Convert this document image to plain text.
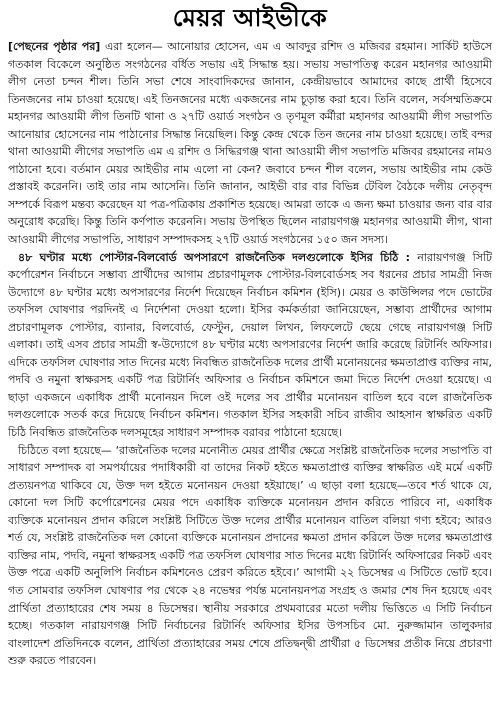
মেয়র আইভীকে

[পেছনের পৃষ্ঠার পর] এরা হলেন— আনোয়ার হোসেন, এম এ আবদুর রশিদ ও মজিবর রহমান। সার্কিট হাউসে গতকাল বিকেলে অনুষ্ঠিত সংগঠনের বর্ধিত সভায় এই সিদ্ধান্ত হয়। সভায় সভাপতিত্ব করেন মহানগর আওয়ামী লীগ নেতা চন্দন শীল। তিনি সভা শেষে সাংবাদিকদের জানান, কেন্দ্রীয়ভাবে আমাদের কাছে প্রার্থী হিসেবে তিনজনের নাম চাওয়া হয়েছে। এই তিনজনের মধ্যে একজনের নাম চূড়ান্ত করা হবে। তিনি বলেন, সর্বসম্মতিক্রমে মহানগর আওয়ামী লীগ তিনটি থানা ও ২৭টি ওয়ার্ড সংগঠন ও তৃণমূল কর্মীরা মহানগর আওয়ামী লীগ সভাপতি আনোয়ার হোসেনের নাম পাঠানোর সিদ্ধান্ত নিয়েছিল। কিন্তু কেন্দ্র থেকে তিন জনের নাম চাওয়া হয়েছে। তাই বন্দর থানা আওয়ামী লীগের সভাপতি এম এ রশিদ ও সিদ্ধিরগঞ্জ থানা আওয়ামী লীগ সভাপতি মজিবর রহমানের নামও পাঠানো হবে। বর্তমান মেয়র আইভীর নাম এলো না কেন? জবাবে চন্দন শীল বলেন, সভায় আইভীর নাম কেউ প্রস্তাবই করেননি। তাই তার নাম আসেনি। তিনি জানান, আইভী বার বার বিভিন্ন টেবিল বৈঠকে দলীয় নেতৃবৃন্দ সম্পর্কে বিরূপ মন্তব্য করেছেন যা পত্র-পত্রিকায় প্রকাশিত হয়েছে। আমরা তাকে এ জন্য ক্ষমা চাওয়ার জন্য বার বার অনুরোধ করেছি। কিন্তু তিনি কর্ণপাত করেননি। সভায় উপস্থিত ছিলেন নারায়ণগঞ্জ মহানগর আওয়ামী লীগ, থানা আওয়ামী লীগের সভাপতি, সাধারণ সম্পাদকসহ ২৭টি ওয়ার্ড সংগঠনের ১৫০ জন সদস্য।

৪৮ ঘণ্টার মধ্যে পোস্টার-বিলবোর্ড অপসারণে রাজনৈতিক দলগুলোকে ইসির চিঠি : নারায়ণগঞ্জ সিটি কর্পোরেশন নির্বাচনে সম্ভাব্য প্রার্থীদের আগাম প্রচারণামূলক পোস্টার-বিলবোর্ডসহ সব ধরনের প্রচার সামগ্রী নিজ উদ্যোগে ৪৮ ঘণ্টার মধ্যে অপসারণের নির্দেশ দিয়েছেন নির্বাচন কমিশন (ইসি)। মেয়র ও কাউন্সিলর পদে ভোটের তফসিল ঘোষণার পরদিনই এ নির্দেশনা দেওয়া হলো। ইসির কর্মকর্তারা জানিয়েছেন, সম্ভাব্য প্রার্থীদের আগাম প্রচারণামূলক পোস্টার, ব্যানার, বিলবোর্ড, ফেস্টুন, দেয়াল লিখন, লিফলেটে ছেয়ে গেছে নারায়ণগঞ্জ সিটি এলাকা। তাই এসব প্রচার সামগ্রী স্ব-উদ্যোগে ৪৮ ঘণ্টার মধ্যে অপসারণের নির্দেশ জারি করেছে রিটার্নিং অফিসার। এদিকে তফসিল ঘোষণার সাত দিনের মধ্যে নিবন্ধিত রাজনৈতিক দলের প্রার্থী মনোনয়নের ক্ষমতাপ্রাপ্ত ব্যক্তির নাম, পদবি ও নমুনা স্বাক্ষরসহ একটি পত্র রিটার্নিং অফিসার ও নির্বাচন কমিশনে জমা দিতে নির্দেশ দেওয়া হয়েছে। এ ছাড়া একজনে একাধিক প্রার্থী মনোনয়ন দিলে ওই দলের সব প্রার্থীর মনোনয়ন বাতিল হবে বলে রাজনৈতিক দলগুলোকে সতর্ক করে দিয়েছে নির্বাচন কমিশন। গতকাল ইসির সহকারী সচিব রাজীব আহসান স্বাক্ষরিত একটি চিঠি নিবন্ধিত রাজনৈতিক দলসমূহের সাধারণ সম্পাদক বরাবর পাঠানো হয়েছে।

চিঠিতে বলা হয়েছে— ‘রাজনৈতিক দলের মনোনীত মেয়র প্রার্থীর ক্ষেত্রে সংশ্লিষ্ট রাজনৈতিক দলের সভাপতি বা সাধারণ সম্পাদক বা সমপর্যায়ের পদাধিকারী বা তাদের নিকট হইতে ক্ষমতাপ্রাপ্ত ব্যক্তির স্বাক্ষরিত এই মর্মে একটি প্রত্যয়নপত্র থাকিবে যে, উক্ত দল হইতে মনোনয়ন দেওয়া হইয়াছে।’ এ ছাড়া বলা হয়েছে—তবে শর্ত থাকে যে, কোনো দল সিটি কর্পোরেশনের মেয়র পদে একাধিক ব্যক্তিকে মনোনয়ন প্রদান করিতে পারিবে না, একাধিক ব্যক্তিকে মনোনয়ন প্রদান করিলে সংশ্লিষ্ট সিটিতে উক্ত দলের প্রার্থীর মনোনয়ন বাতিল বলিয়া গণ্য হইবে; আরও শর্ত যে, সংশ্লিষ্ট রাজনৈতিক দল কোনো ব্যক্তিকে মনোনয়ন প্রদানের ক্ষমতা প্রদান করিলে উক্ত দলের ক্ষমতাপ্রাপ্ত ব্যক্তির নাম, পদবি, নমুনা স্বাক্ষরসহ একটি পত্র তফসিল ঘোষণার সাত দিনের মধ্যে রিটার্নিং অফিসারের নিকট এবং উক্ত পত্রে একটি অনুলিপি নির্বাচন কমিশনেও প্রেরণ করিতে হইবে।’ আগামী ২২ ডিসেম্বর এ সিটিতে ভোট হবে। গত সোমবার তফসিল ঘোষণার পর থেকে ২৪ নভেম্বর পর্যন্ত মনোনয়নপত্র সংগ্রহ ও জমার শেষ দিন হয়েছে এবং প্রার্থিতা প্রত্যাহারের শেষ সময় ৪ ডিসেম্বর। স্থানীয় সরকারে প্রথমবারের মতো দলীয় ভিত্তিতে এ সিটি নির্বাচন হচ্ছে। গতকাল নারায়ণগঞ্জ সিটি নির্বাচনের রিটার্নিং অফিসার ইসির উপসচিব মো. নুরুজ্জামান তালুকদার বাংলাদেশ প্রতিদিনকে বলেন, প্রার্থিতা প্রত্যাহারের সময় শেষে প্রতিদ্বন্দ্বী প্রার্থীরা ৫ ডিসেম্বর প্রতীক নিয়ে প্রচারণা শুরু করতে পারবেন।
